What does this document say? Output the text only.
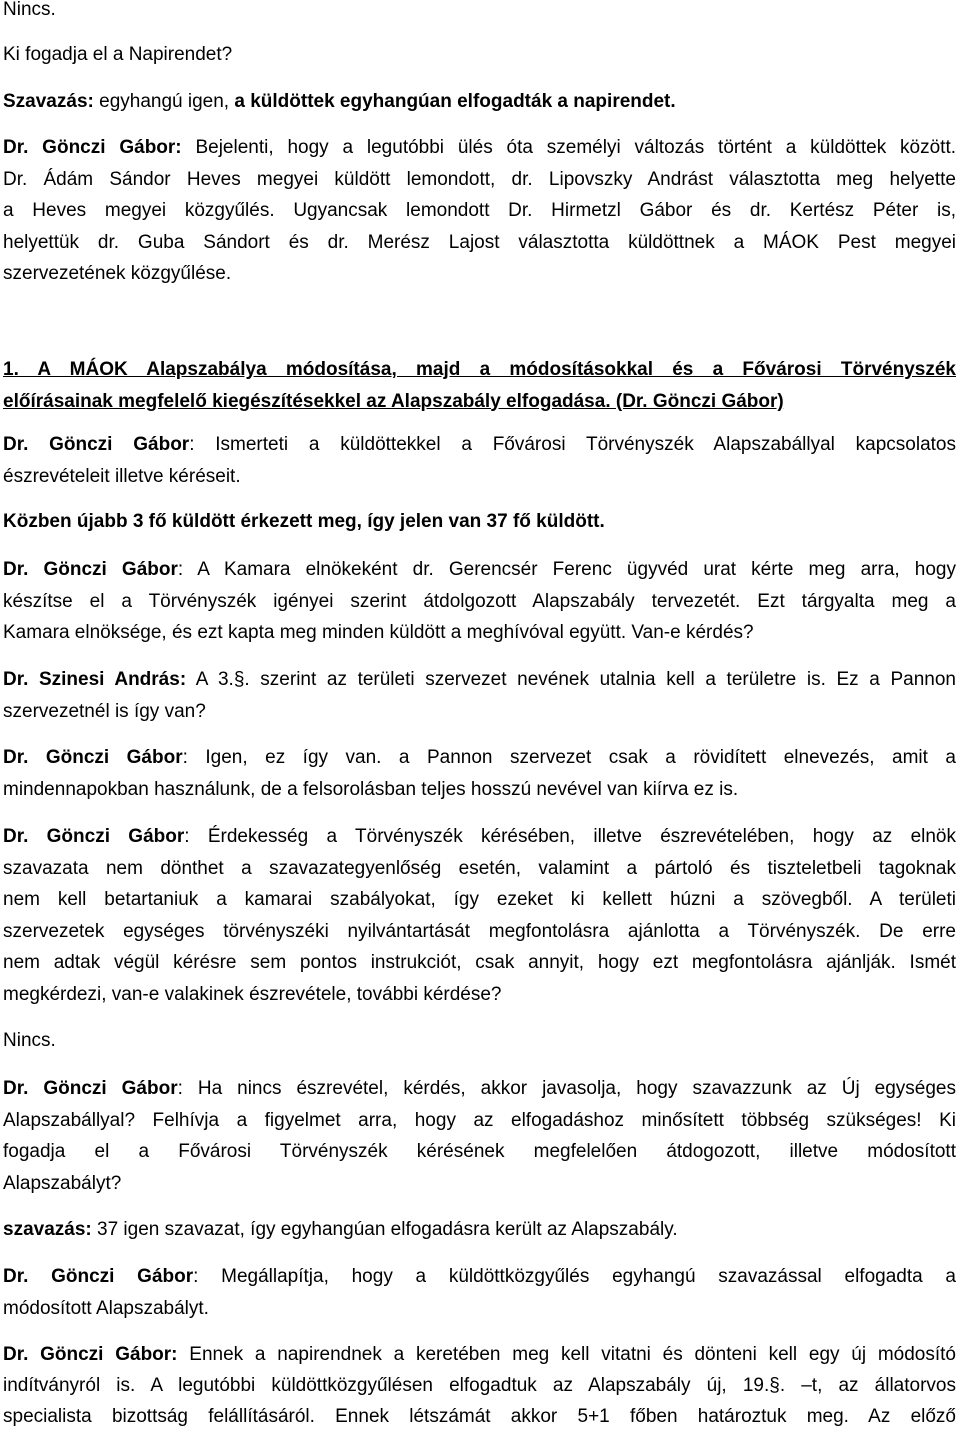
Nincs.
Ki fogadja el a Napirendet?
Szavazás: egyhangú igen, a küldöttek egyhangúan elfogadták a napirendet.
Dr. Gönczi Gábor: Bejelenti, hogy a legutóbbi ülés óta személyi változás történt a küldöttek között.
Dr. Ádám Sándor Heves megyei küldött lemondott, dr. Lipovszky Andrást választotta meg helyette
a Heves megyei közgyűlés. Ugyancsak lemondott Dr. Hirmetzl Gábor és dr. Kertész Péter is,
helyettük dr. Guba Sándort és dr. Merész Lajost választotta küldöttnek a MÁOK Pest megyei
szervezetének közgyűlése.
1. A MÁOK Alapszabálya módosítása, majd a módosításokkal és a Fővárosi Törvényszék
előírásainak megfelelő kiegészítésekkel az Alapszabály elfogadása. (Dr. Gönczi Gábor)
Dr. Gönczi Gábor: Ismerteti a küldöttekkel a Fővárosi Törvényszék Alapszabállyal kapcsolatos
észrevételeit illetve kéréseit.
Közben újabb 3 fő küldött érkezett meg, így jelen van 37 fő küldött.
Dr. Gönczi Gábor: A Kamara elnökeként dr. Gerencsér Ferenc ügyvéd urat kérte meg arra, hogy
készítse el a Törvényszék igényei szerint átdolgozott Alapszabály tervezetét. Ezt tárgyalta meg a
Kamara elnöksége, és ezt kapta meg minden küldött a meghívóval együtt. Van-e kérdés?
Dr. Szinesi András: A 3.§. szerint az területi szervezet nevének utalnia kell a területre is. Ez a Pannon
szervezetnél is így van?
Dr. Gönczi Gábor: Igen, ez így van. a Pannon szervezet csak a rövidített elnevezés, amit a
mindennapokban használunk, de a felsorolásban teljes hosszú nevével van kiírva ez is.
Dr. Gönczi Gábor: Érdekesség a Törvényszék kérésében, illetve észrevételében, hogy az elnök
szavazata nem dönthet a szavazategyenlőség esetén, valamint a pártoló és tiszteletbeli tagoknak
nem kell betartaniuk a kamarai szabályokat, így ezeket ki kellett húzni a szövegből. A területi
szervezetek egységes törvényszéki nyilvántartását megfontolásra ajánlotta a Törvényszék. De erre
nem adtak végül kérésre sem pontos instrukciót, csak annyit, hogy ezt megfontolásra ajánlják. Ismét
megkérdezi, van-e valakinek észrevétele, további kérdése?
Nincs.
Dr. Gönczi Gábor: Ha nincs észrevétel, kérdés, akkor javasolja, hogy szavazzunk az Új egységes
Alapszabállyal? Felhívja a figyelmet arra, hogy az elfogadáshoz minősített többség szükséges! Ki
fogadja el a Fővárosi Törvényszék kérésének megfelelően átdogozott, illetve módosított
Alapszabályt?
szavazás: 37 igen szavazat, így egyhangúan elfogadásra került az Alapszabály.
Dr. Gönczi Gábor: Megállapítja, hogy a küldöttközgyűlés egyhangú szavazással elfogadta a
módosított Alapszabályt.
Dr. Gönczi Gábor: Ennek a napirendnek a keretében meg kell vitatni és dönteni kell egy új módosító
indítványról is. A legutóbbi küldöttközgyűlésen elfogadtuk az Alapszabály új, 19.§. –t, az állatorvos
specialista bizottság felállításáról. Ennek létszámát akkor 5+1 főben határoztuk meg. Az előző
